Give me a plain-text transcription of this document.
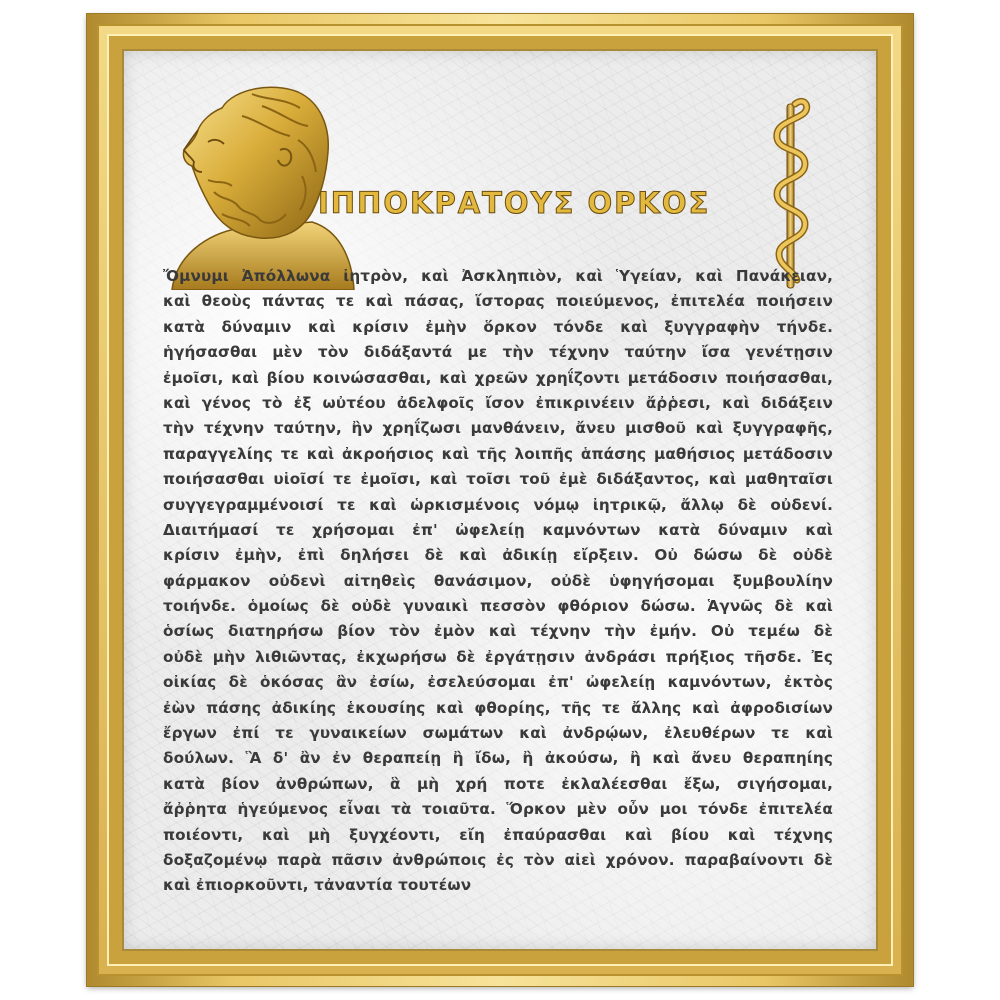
ΙΠΠΟΚΡΑΤΟΥΣ ΟΡΚΟΣ
Ὄμνυμι Ἀπόλλωνα ἰητρὸν, καὶ Ἀσκληπιὸν, καὶ Ὑγείαν, καὶ Πανάκειαν,
καὶ θεοὺς πάντας τε καὶ πάσας, ἵστορας ποιεύμενος, ἐπιτελέα ποιήσειν
κατὰ δύναμιν καὶ κρίσιν ἐμὴν ὅρκον τόνδε καὶ ξυγγραφὴν τήνδε.
ἡγήσασθαι μὲν τὸν διδάξαντά με τὴν τέχνην ταύτην ἴσα γενέτῃσιν
ἐμοῖσι, καὶ βίου κοινώσασθαι, καὶ χρεῶν χρηΐζοντι μετάδοσιν ποιήσασθαι,
καὶ γένος τὸ ἐξ ωὐτέου ἀδελφοῖς ἴσον ἐπικρινέειν ἄῤῥεσι, καὶ διδάξειν
τὴν τέχνην ταύτην, ἢν χρηΐζωσι μανθάνειν, ἄνευ μισθοῦ καὶ ξυγγραφῆς,
παραγγελίης τε καὶ ἀκροήσιος καὶ τῆς λοιπῆς ἁπάσης μαθήσιος μετάδοσιν
ποιήσασθαι υἱοῖσί τε ἐμοῖσι, καὶ τοῖσι τοῦ ἐμὲ διδάξαντος, καὶ μαθηταῖσι
συγγεγραμμένοισί τε καὶ ὡρκισμένοις νόμῳ ἰητρικῷ, ἄλλῳ δὲ οὐδενί.
Διαιτήμασί τε χρήσομαι ἐπ' ὠφελείῃ καμνόντων κατὰ δύναμιν καὶ
κρίσιν ἐμὴν, ἐπὶ δηλήσει δὲ καὶ ἀδικίῃ εἴρξειν. Οὐ δώσω δὲ οὐδὲ
φάρμακον οὐδενὶ αἰτηθεὶς θανάσιμον, οὐδὲ ὑφηγήσομαι ξυμβουλίην
τοιήνδε. ὁμοίως δὲ οὐδὲ γυναικὶ πεσσὸν φθόριον δώσω. Ἁγνῶς δὲ καὶ
ὁσίως διατηρήσω βίον τὸν ἐμὸν καὶ τέχνην τὴν ἐμήν. Οὐ τεμέω δὲ
οὐδὲ μὴν λιθιῶντας, ἐκχωρήσω δὲ ἐργάτῃσιν ἀνδράσι πρήξιος τῆσδε. Ἐς
οἰκίας δὲ ὁκόσας ἂν ἐσίω, ἐσελεύσομαι ἐπ' ὠφελείῃ καμνόντων, ἐκτὸς
ἐὼν πάσης ἀδικίης ἑκουσίης καὶ φθορίης, τῆς τε ἄλλης καὶ ἀφροδισίων
ἔργων ἐπί τε γυναικείων σωμάτων καὶ ἀνδρῴων, ἐλευθέρων τε καὶ
δούλων. Ἃ δ' ἂν ἐν θεραπείῃ ἢ ἴδω, ἢ ἀκούσω, ἢ καὶ ἄνευ θεραπηίης
κατὰ βίον ἀνθρώπων, ἃ μὴ χρή ποτε ἐκλαλέεσθαι ἔξω, σιγήσομαι,
ἄῤῥητα ἡγεύμενος εἶναι τὰ τοιαῦτα. Ὅρκον μὲν οὖν μοι τόνδε ἐπιτελέα
ποιέοντι, καὶ μὴ ξυγχέοντι, εἴη ἐπαύρασθαι καὶ βίου καὶ τέχνης
δοξαζομένῳ παρὰ πᾶσιν ἀνθρώποις ἐς τὸν αἰεὶ χρόνον. παραβαίνοντι δὲ
καὶ ἐπιορκοῦντι, τἀναντία τουτέων
